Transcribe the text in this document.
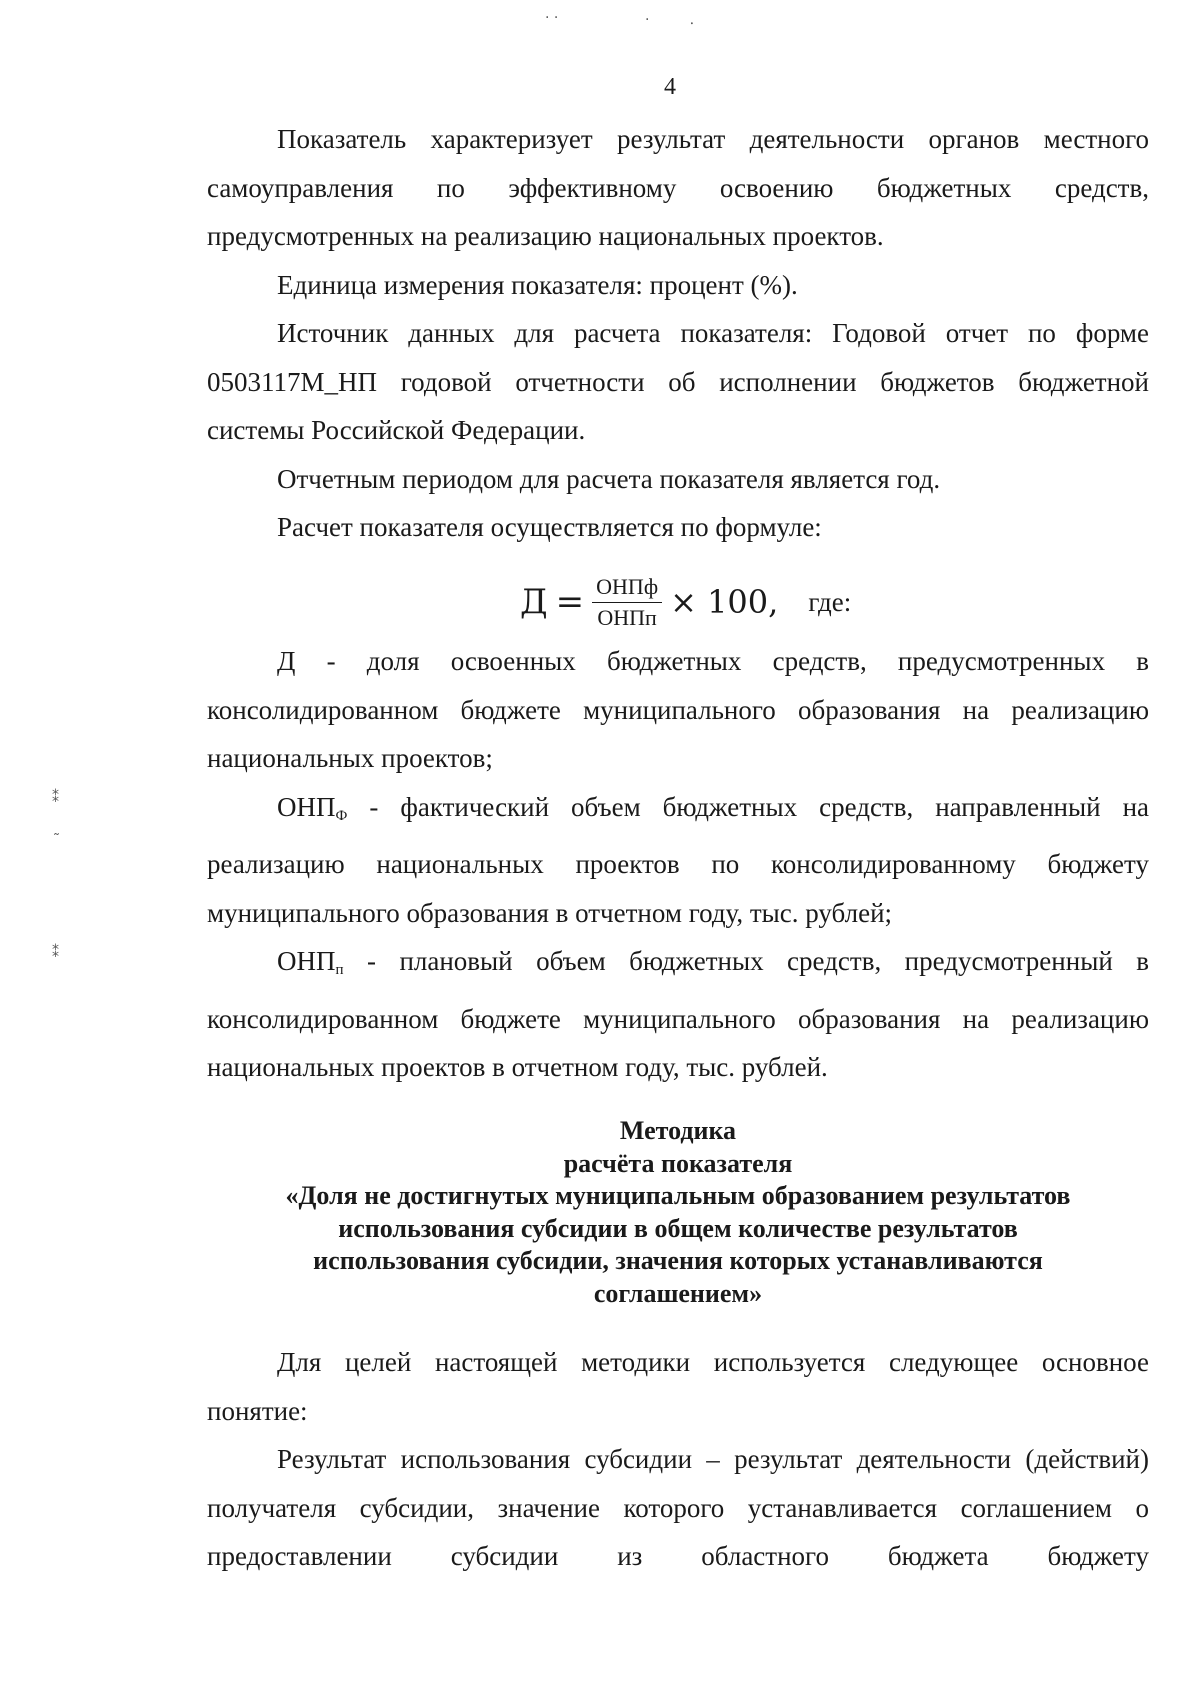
4

Показатель характеризует результат деятельности органов местного самоуправления по эффективному освоению бюджетных средств, предусмотренных на реализацию национальных проектов.

Единица измерения показателя: процент (%).

Источник данных для расчета показателя: Годовой отчет по форме 0503117М_НП годовой отчетности об исполнении бюджетов бюджетной системы Российской Федерации.

Отчетным периодом для расчета показателя является год.

Расчет показателя осуществляется по формуле:

$Д = \frac{\text{ОНПф}}{\text{ОНПп}} \times 100$, где:

Д - доля освоенных бюджетных средств, предусмотренных в консолидированном бюджете муниципального образования на реализацию национальных проектов;

$ОНП_Ф$ - фактический объем бюджетных средств, направленный на реализацию национальных проектов по консолидированному бюджету муниципального образования в отчетном году, тыс. рублей;

$ОНП_п$ - плановый объем бюджетных средств, предусмотренный в консолидированном бюджете муниципального образования на реализацию национальных проектов в отчетном году, тыс. рублей.

Методика
расчёта показателя
«Доля не достигнутых муниципальным образованием результатов
использования субсидии в общем количестве результатов
использования субсидии, значения которых устанавливаются
соглашением»

Для целей настоящей методики используется следующее основное понятие:

Результат использования субсидии – результат деятельности (действий) получателя субсидии, значение которого устанавливается соглашением о предоставлении субсидии из областного бюджета бюджету

· ·	·	⸱
⁑
˜
⁑
